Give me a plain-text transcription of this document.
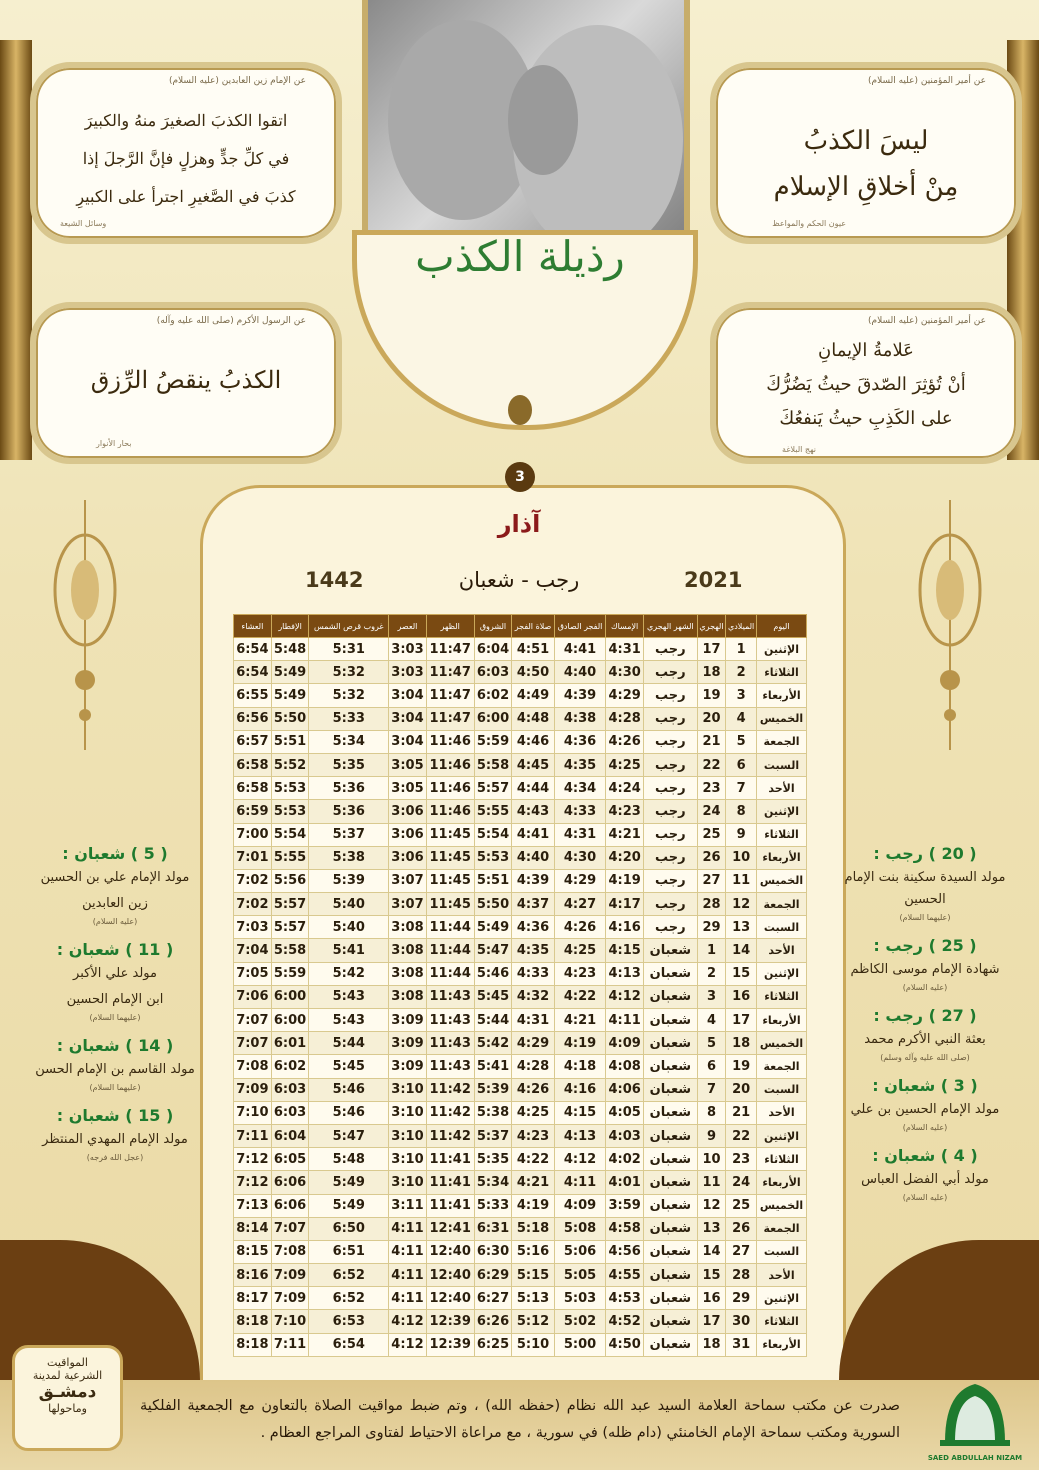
رذيلة الكذب
عن الإمام زين العابدين (عليه السلام)
اتقوا الكذبَ الصغيرَ منهُ والكبيرَ
في كلِّ جدٍّ وهزلٍ فإنَّ الرَّجلَ إذا
كذبَ في الصَّغيرِ اجترأ على الكبيرِ
وسائل الشيعة
عن أمير المؤمنين (عليه السلام)
ليسَ الكذبُ
مِنْ أخلاقِ الإسلام
عيون الحكم والمواعظ
عن الرسول الأكرم (صلى الله عليه وآله)
الكذبُ ينقصُ الرِّزق
بحار الأنوار
عن أمير المؤمنين (عليه السلام)
عَلامةُ الإيمانِ
أنْ تُؤثِرَ الصّدقَ حيثُ يَضُرُّكَ
على الكَذِبِ حيثُ يَنفعُكَ
نهج البلاغة
3
آذار
رجب - شعبان	2021
1442
اليوم	الميلادي	الهجري	الشهر الهجري	الإمساك	الفجر الصادق	صلاة الفجر	الشروق	الظهر	العصر	غروب قرص الشمس	الإفطار	العشاء
الإثنين	1	17	رجب	4:31	4:41	4:51	6:04	11:47	3:03	5:31	5:48	6:54
الثلاثاء	2	18	رجب	4:30	4:40	4:50	6:03	11:47	3:03	5:32	5:49	6:54
الأربعاء	3	19	رجب	4:29	4:39	4:49	6:02	11:47	3:04	5:32	5:49	6:55
الخميس	4	20	رجب	4:28	4:38	4:48	6:00	11:47	3:04	5:33	5:50	6:56
الجمعة	5	21	رجب	4:26	4:36	4:46	5:59	11:46	3:04	5:34	5:51	6:57
السبت	6	22	رجب	4:25	4:35	4:45	5:58	11:46	3:05	5:35	5:52	6:58
الأحد	7	23	رجب	4:24	4:34	4:44	5:57	11:46	3:05	5:36	5:53	6:58
الإثنين	8	24	رجب	4:23	4:33	4:43	5:55	11:46	3:06	5:36	5:53	6:59
الثلاثاء	9	25	رجب	4:21	4:31	4:41	5:54	11:45	3:06	5:37	5:54	7:00
الأربعاء	10	26	رجب	4:20	4:30	4:40	5:53	11:45	3:06	5:38	5:55	7:01
الخميس	11	27	رجب	4:19	4:29	4:39	5:51	11:45	3:07	5:39	5:56	7:02
الجمعة	12	28	رجب	4:17	4:27	4:37	5:50	11:45	3:07	5:40	5:57	7:02
السبت	13	29	رجب	4:16	4:26	4:36	5:49	11:44	3:08	5:40	5:57	7:03
الأحد	14	1	شعبان	4:15	4:25	4:35	5:47	11:44	3:08	5:41	5:58	7:04
الإثنين	15	2	شعبان	4:13	4:23	4:33	5:46	11:44	3:08	5:42	5:59	7:05
الثلاثاء	16	3	شعبان	4:12	4:22	4:32	5:45	11:43	3:08	5:43	6:00	7:06
الأربعاء	17	4	شعبان	4:11	4:21	4:31	5:44	11:43	3:09	5:43	6:00	7:07
الخميس	18	5	شعبان	4:09	4:19	4:29	5:42	11:43	3:09	5:44	6:01	7:07
الجمعة	19	6	شعبان	4:08	4:18	4:28	5:41	11:43	3:09	5:45	6:02	7:08
السبت	20	7	شعبان	4:06	4:16	4:26	5:39	11:42	3:10	5:46	6:03	7:09
الأحد	21	8	شعبان	4:05	4:15	4:25	5:38	11:42	3:10	5:46	6:03	7:10
الإثنين	22	9	شعبان	4:03	4:13	4:23	5:37	11:42	3:10	5:47	6:04	7:11
الثلاثاء	23	10	شعبان	4:02	4:12	4:22	5:35	11:41	3:10	5:48	6:05	7:12
الأربعاء	24	11	شعبان	4:01	4:11	4:21	5:34	11:41	3:10	5:49	6:06	7:12
الخميس	25	12	شعبان	3:59	4:09	4:19	5:33	11:41	3:11	5:49	6:06	7:13
الجمعة	26	13	شعبان	4:58	5:08	5:18	6:31	12:41	4:11	6:50	7:07	8:14
السبت	27	14	شعبان	4:56	5:06	5:16	6:30	12:40	4:11	6:51	7:08	8:15
الأحد	28	15	شعبان	4:55	5:05	5:15	6:29	12:40	4:11	6:52	7:09	8:16
الإثنين	29	16	شعبان	4:53	5:03	5:13	6:27	12:40	4:11	6:52	7:09	8:17
الثلاثاء	30	17	شعبان	4:52	5:02	5:12	6:26	12:39	4:12	6:53	7:10	8:18
الأربعاء	31	18	شعبان	4:50	5:00	5:10	6:25	12:39	4:12	6:54	7:11	8:18
( 5 ) شعبان :
مولد الإمام علي بن الحسين
زين العابدين
(عليه السلام)
( 11 ) شعبان :
مولد علي الأكبر
ابن الإمام الحسين
(عليهما السلام)
( 14 ) شعبان :
مولد القاسم بن الإمام الحسن
(عليهما السلام)
( 15 ) شعبان :
مولد الإمام المهدي المنتظر
(عجل الله فرجه)
( 20 ) رجب :
مولد السيدة سكينة بنت الإمام الحسين
(عليهما السلام)
( 25 ) رجب :
شهادة الإمام موسى الكاظم
(عليه السلام)
( 27 ) رجب :
بعثة النبي الأكرم محمد
(صلى الله عليه وآله وسلم)
( 3 ) شعبان :
مولد الإمام الحسين بن علي
(عليه السلام)
( 4 ) شعبان :
مولد أبي الفضل العباس
(عليه السلام)
صدرت عن مكتب سماحة العلامة السيد عبد الله نظام (حفظه الله) ، وتم ضبط مواقيت الصلاة بالتعاون مع الجمعية الفلكية السورية ومكتب سماحة الإمام الخامنئي (دام ظله) في سورية ، مع مراعاة الاحتياط لفتاوى المراجع العظام .
المواقيت
الشرعية لمدينة
دمشـق
وماحولها
SAED ABDULLAH NIZAM
